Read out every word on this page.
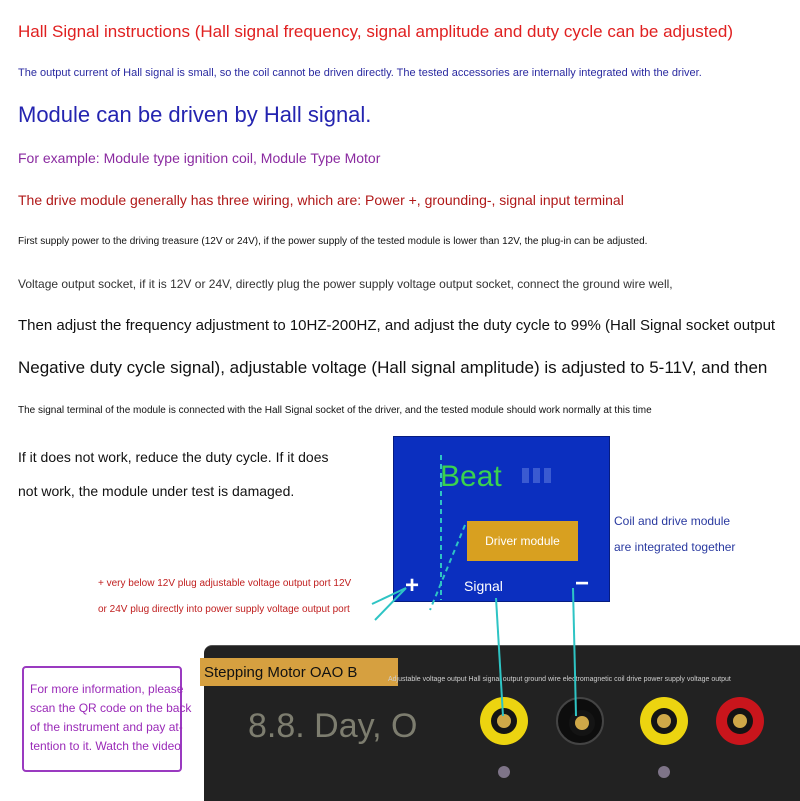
Hall Signal instructions (Hall signal frequency, signal amplitude and duty cycle can be adjusted)
The output current of Hall signal is small, so the coil cannot be driven directly. The tested accessories are internally integrated with the driver.
Module can be driven by Hall signal.
For example: Module type ignition coil, Module Type Motor
The drive module generally has three wiring, which are: Power +, grounding-, signal input terminal
First supply power to the driving treasure (12V or 24V), if the power supply of the tested module is lower than 12V, the plug-in can be adjusted.
Voltage output socket, if it is 12V or 24V, directly plug the power supply voltage output socket, connect the ground wire well,
Then adjust the frequency adjustment to 10HZ-200HZ, and adjust the duty cycle to 99% (Hall Signal socket output
Negative duty cycle signal), adjustable voltage (Hall signal amplitude) is adjusted to 5-11V, and then
The signal terminal of the module is connected with the Hall Signal socket of the driver, and the tested module should work normally at this time
If it does not work, reduce the duty cycle. If it does
not work, the module under test is damaged.	Beat
Driver module
+	Signal	−
Coil and drive module
are integrated together
+ very below 12V plug adjustable voltage output port 12V
or 24V plug directly into power supply voltage output port
Stepping Motor OAO B	Adjustable voltage output Hall signal output ground wire electromagnetic coil drive power supply voltage output
8.8. Day, O
For more information, please
scan the QR code on the back
of the instrument and pay at-
tention to it. Watch the video
